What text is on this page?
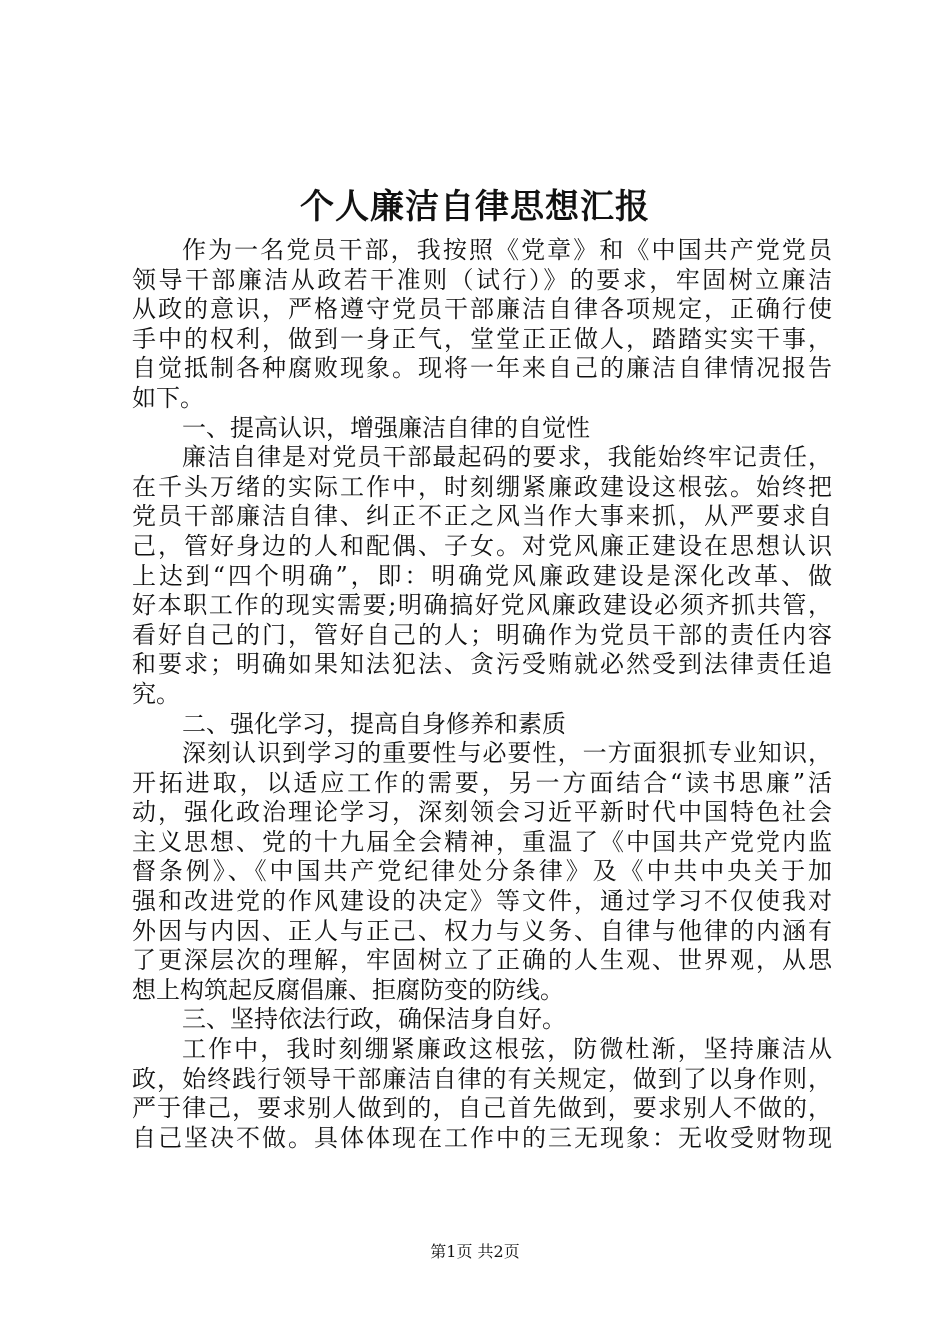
个人廉洁自律思想汇报
作为一名党员干部，我按照《党章》和《中国共产党党员
领导干部廉洁从政若干准则（试行）》的要求，牢固树立廉洁
从政的意识，严格遵守党员干部廉洁自律各项规定，正确行使
手中的权利，做到一身正气，堂堂正正做人，踏踏实实干事，
自觉抵制各种腐败现象。现将一年来自己的廉洁自律情况报告
如下。
一、提高认识，增强廉洁自律的自觉性
廉洁自律是对党员干部最起码的要求，我能始终牢记责任，
在千头万绪的实际工作中，时刻绷紧廉政建设这根弦。始终把
党员干部廉洁自律、纠正不正之风当作大事来抓，从严要求自
己，管好身边的人和配偶、子女。对党风廉正建设在思想认识
上达到“四个明确”，即：明确党风廉政建设是深化改革、做
好本职工作的现实需要;明确搞好党风廉政建设必须齐抓共管，
看好自己的门，管好自己的人；明确作为党员干部的责任内容
和要求；明确如果知法犯法、贪污受贿就必然受到法律责任追
究。
二、强化学习，提高自身修养和素质
深刻认识到学习的重要性与必要性，一方面狠抓专业知识，
开拓进取，以适应工作的需要，另一方面结合“读书思廉”活
动，强化政治理论学习，深刻领会习近平新时代中国特色社会
主义思想、党的十九届全会精神，重温了《中国共产党党内监
督条例》、《中国共产党纪律处分条律》及《中共中央关于加
强和改进党的作风建设的决定》等文件，通过学习不仅使我对
外因与内因、正人与正己、权力与义务、自律与他律的内涵有
了更深层次的理解，牢固树立了正确的人生观、世界观，从思
想上构筑起反腐倡廉、拒腐防变的防线。
三、坚持依法行政，确保洁身自好。
工作中，我时刻绷紧廉政这根弦，防微杜渐，坚持廉洁从
政，始终践行领导干部廉洁自律的有关规定，做到了以身作则，
严于律己，要求别人做到的，自己首先做到，要求别人不做的，
自己坚决不做。具体体现在工作中的三无现象：无收受财物现
第1页 共2页
